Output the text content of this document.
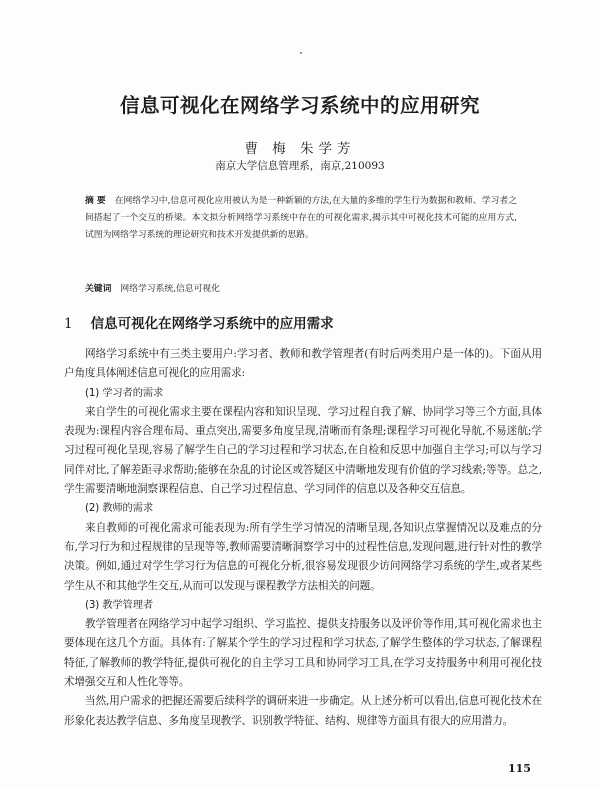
信息可视化在网络学习系统中的应用研究
曹 梅 朱学芳
南京大学信息管理系，南京,210093

摘 要 在网络学习中,信息可视化应用被认为是一种新颖的方法,在大量的多维的学生行为数据和教师、学习者之间搭起了一个交互的桥梁。本文拟分析网络学习系统中存在的可视化需求,揭示其中可视化技术可能的应用方式,试图为网络学习系统的理论研究和技术开发提供新的思路。

关键词 网络学习系统,信息可视化

1 信息可视化在网络学习系统中的应用需求

网络学习系统中有三类主要用户:学习者、教师和教学管理者(有时后两类用户是一体的)。下面从用户角度具体阐述信息可视化的应用需求:

(1) 学习者的需求

来自学生的可视化需求主要在课程内容和知识呈现、学习过程自我了解、协同学习等三个方面,具体表现为:课程内容合理布局、重点突出,需要多角度呈现,清晰而有条理;课程学习可视化导航,不易迷航;学习过程可视化呈现,容易了解学生自己的学习过程和学习状态,在自检和反思中加强自主学习;可以与学习同伴对比,了解差距寻求帮助;能够在杂乱的讨论区或答疑区中清晰地发现有价值的学习线索;等等。总之,学生需要清晰地洞察课程信息、自己学习过程信息、学习同伴的信息以及各种交互信息。

(2) 教师的需求

来自教师的可视化需求可能表现为:所有学生学习情况的清晰呈现,各知识点掌握情况以及难点的分布,学习行为和过程规律的呈现等等,教师需要清晰洞察学习中的过程性信息,发现问题,进行针对性的教学决策。例如,通过对学生学习行为信息的可视化分析,很容易发现很少访问网络学习系统的学生,或者某些学生从不和其他学生交互,从而可以发现与课程教学方法相关的问题。

(3) 教学管理者

教学管理者在网络学习中起学习组织、学习监控、提供支持服务以及评价等作用,其可视化需求也主要体现在这几个方面。具体有:了解某个学生的学习过程和学习状态,了解学生整体的学习状态,了解课程特征,了解教师的教学特征,提供可视化的自主学习工具和协同学习工具,在学习支持服务中利用可视化技术增强交互和人性化等等。

当然,用户需求的把握还需要后续科学的调研来进一步确定。从上述分析可以看出,信息可视化技术在形象化表达教学信息、多角度呈现教学、识别教学特征、结构、规律等方面具有很大的应用潜力。

115
